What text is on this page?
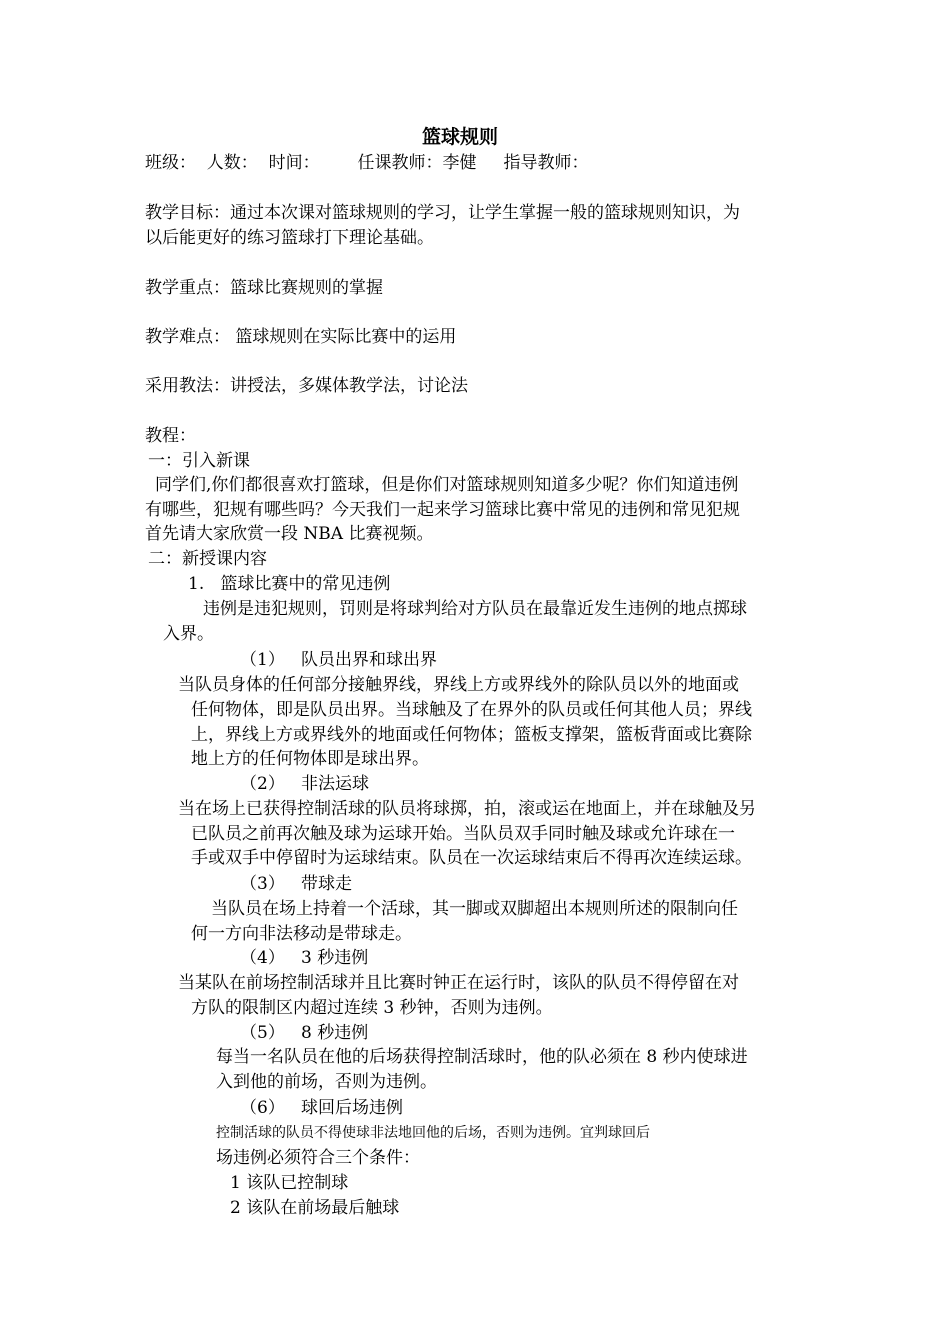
篮球规则
班级：  人数：  时间：       任课教师：李健     指导教师：
教学目标：通过本次课对篮球规则的学习，让学生掌握一般的篮球规则知识，为
以后能更好的练习篮球打下理论基础。
教学重点：篮球比赛规则的掌握
教学难点： 篮球规则在实际比赛中的运用
采用教法：讲授法，多媒体教学法，讨论法
教程：
一：引入新课
同学们,你们都很喜欢打篮球，但是你们对篮球规则知道多少呢？你们知道违例
有哪些，犯规有哪些吗？今天我们一起来学习篮球比赛中常见的违例和常见犯规
首先请大家欣赏一段 NBA 比赛视频。
二：新授课内容
1.   篮球比赛中的常见违例
违例是违犯规则，罚则是将球判给对方队员在最靠近发生违例的地点掷球
入界。
（1）   队员出界和球出界
当队员身体的任何部分接触界线，界线上方或界线外的除队员以外的地面或
任何物体，即是队员出界。当球触及了在界外的队员或任何其他人员；界线
上，界线上方或界线外的地面或任何物体；篮板支撑架，篮板背面或比赛除
地上方的任何物体即是球出界。
（2）   非法运球
当在场上已获得控制活球的队员将球掷，拍，滚或运在地面上，并在球触及另
已队员之前再次触及球为运球开始。当队员双手同时触及球或允许球在一
手或双手中停留时为运球结束。队员在一次运球结束后不得再次连续运球。
（3）   带球走
当队员在场上持着一个活球，其一脚或双脚超出本规则所述的限制向任
何一方向非法移动是带球走。
（4）   3 秒违例
当某队在前场控制活球并且比赛时钟正在运行时，该队的队员不得停留在对
方队的限制区内超过连续 3 秒钟，否则为违例。
（5）   8 秒违例
每当一名队员在他的后场获得控制活球时，他的队必须在 8 秒内使球进
入到他的前场，否则为违例。
（6）   球回后场违例
控制活球的队员不得使球非法地回他的后场，否则为违例。宜判球回后
场违例必须符合三个条件：
1 该队已控制球
2 该队在前场最后触球
